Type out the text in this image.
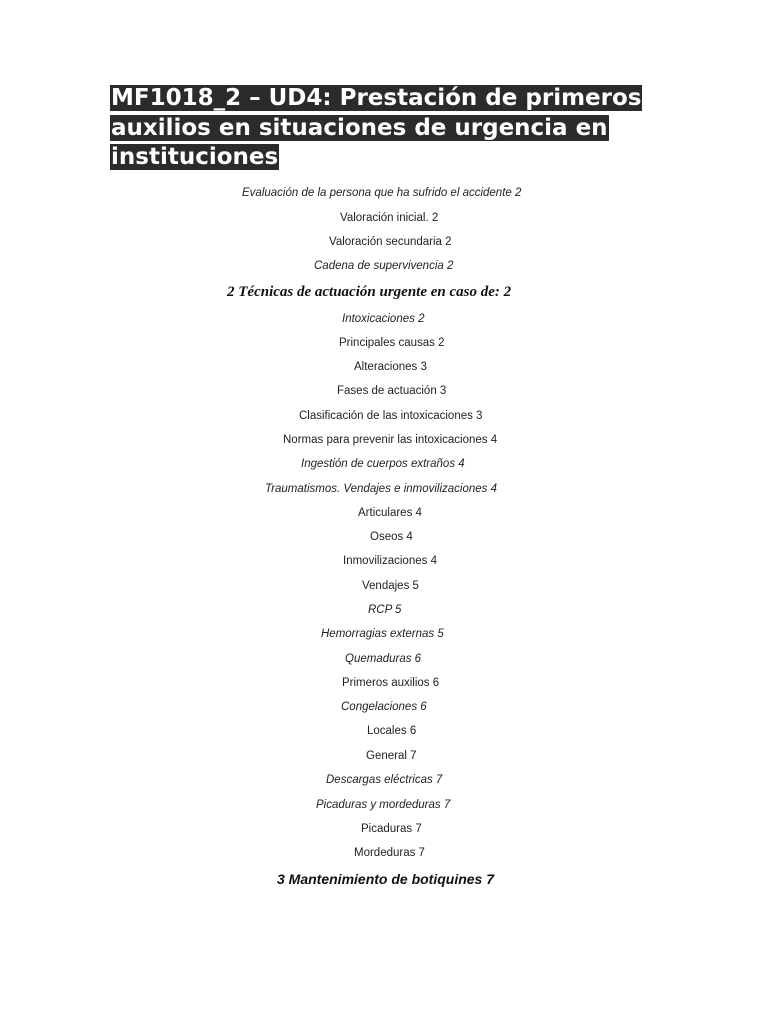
MF1018_2 – UD4: Prestación de primeros auxilios en situaciones de urgencia en instituciones
Evaluación de la persona que ha sufrido el accidente 2
Valoración inicial. 2
Valoración secundaria 2
Cadena de supervivencia 2
2 Técnicas de actuación urgente en caso de: 2
Intoxicaciones 2
Principales causas 2
Alteraciones 3
Fases de actuación 3
Clasificación de las intoxicaciones 3
Normas para prevenir las intoxicaciones 4
Ingestión de cuerpos extraños 4
Traumatismos. Vendajes e inmovilizaciones 4
Articulares 4
Oseos 4
Inmovilizaciones 4
Vendajes 5
RCP 5
Hemorragias externas 5
Quemaduras 6
Primeros auxilios 6
Congelaciones 6
Locales 6
General 7
Descargas eléctricas 7
Picaduras y mordeduras 7
Picaduras 7
Mordeduras 7
3 Mantenimiento de botiquines 7
